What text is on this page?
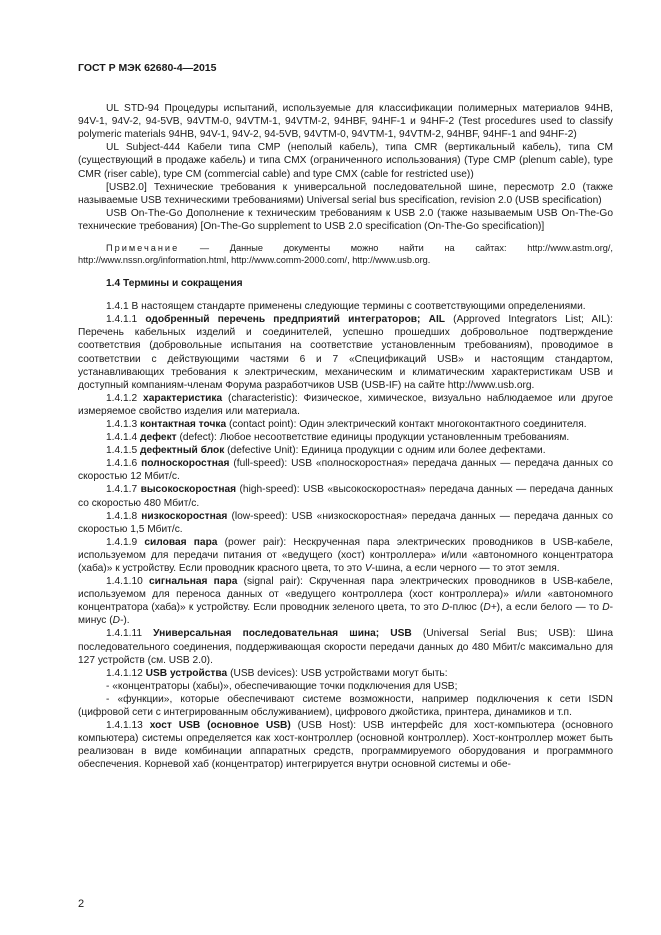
ГОСТ Р МЭК 62680-4—2015

UL STD-94 Процедуры испытаний, используемые для классификации полимерных материалов 94HB, 94V-1, 94V-2, 94-5VB, 94VTM-0, 94VTM-1, 94VTM-2, 94HBF, 94HF-1 и 94HF-2 (Test procedures used to classify polymeric materials 94HB, 94V-1, 94V-2, 94-5VB, 94VTM-0, 94VTM-1, 94VTM-2, 94HBF, 94HF-1 and 94HF-2)

UL Subject-444 Кабели типа CMP (неполый кабель), типа CMR (вертикальный кабель), типа CM (существующий в продаже кабель) и типа CMX (ограниченного использования) (Type CMP (plenum cable), type CMR (riser cable), type CM (commercial cable) and type CMX (cable for restricted use))

[USB2.0] Технические требования к универсальной последовательной шине, пересмотр 2.0 (также называемые USB техническими требованиями) Universal serial bus specification, revision 2.0 (USB specification)

USB On-The-Go Дополнение к техническим требованиям к USB 2.0 (также называемым USB On-The-Go технические требования) [On-The-Go supplement to USB 2.0 specification (On-The-Go specification)]

Примечание — Данные документы можно найти на сайтах: http://www.astm.org/, http://www.nssn.org/information.html, http://www.comm-2000.com/, http://www.usb.org.

1.4 Термины и сокращения

1.4.1 В настоящем стандарте применены следующие термины с соответствующими определениями.

1.4.1.1 одобренный перечень предприятий интеграторов; AIL (Approved Integrators List; AIL): Перечень кабельных изделий и соединителей, успешно прошедших добровольное подтверждение соответствия (добровольные испытания на соответствие установленным требованиям), проводимое в соответствии с действующими частями 6 и 7 «Спецификаций USB» и настоящим стандартом, устанавливающих требования к электрическим, механическим и климатическим характеристикам USB и доступный компаниям-членам Форума разработчиков USB (USB-IF) на сайте http://www.usb.org.

1.4.1.2 характеристика (characteristic): Физическое, химическое, визуально наблюдаемое или другое измеряемое свойство изделия или материала.

1.4.1.3 контактная точка (contact point): Один электрический контакт многоконтактного соединителя.

1.4.1.4 дефект (defect): Любое несоответствие единицы продукции установленным требованиям.

1.4.1.5 дефектный блок (defective Unit): Единица продукции с одним или более дефектами.

1.4.1.6 полноскоростная (full-speed): USB «полноскоростная» передача данных — передача данных со скоростью 12 Мбит/с.

1.4.1.7 высокоскоростная (high-speed): USB «высокоскоростная» передача данных — передача данных со скоростью 480 Мбит/с.

1.4.1.8 низкоскоростная (low-speed): USB «низкоскоростная» передача данных — передача данных со скоростью 1,5 Мбит/с.

1.4.1.9 силовая пара (power pair): Нескрученная пара электрических проводников в USB-кабеле, используемом для передачи питания от «ведущего (хост) контроллера» и/или «автономного концентратора (хаба)» к устройству. Если проводник красного цвета, то это V-шина, а если черного — то этот земля.

1.4.1.10 сигнальная пара (signal pair): Скрученная пара электрических проводников в USB-кабеле, используемом для переноса данных от «ведущего контроллера (хост контроллера)» и/или «автономного концентратора (хаба)» к устройству. Если проводник зеленого цвета, то это D-плюс (D+), а если белого — то D-минус (D-).

1.4.1.11 Универсальная последовательная шина; USB (Universal Serial Bus; USB): Шина последовательного соединения, поддерживающая скорости передачи данных до 480 Мбит/с максимально для 127 устройств (см. USB 2.0).

1.4.1.12 USB устройства (USB devices): USB устройствами могут быть:

- «концентраторы (хабы)», обеспечивающие точки подключения для USB;

- «функции», которые обеспечивают системе возможности, например подключения к сети ISDN (цифровой сети с интегрированным обслуживанием), цифрового джойстика, принтера, динамиков и т.п.

1.4.1.13 хост USB (основное USB) (USB Host): USB интерфейс для хост-компьютера (основного компьютера) системы определяется как хост-контроллер (основной контроллер). Хост-контроллер может быть реализован в виде комбинации аппаратных средств, программируемого оборудования и программного обеспечения. Корневой хаб (концентратор) интегрируется внутри основной системы и обе-

2
